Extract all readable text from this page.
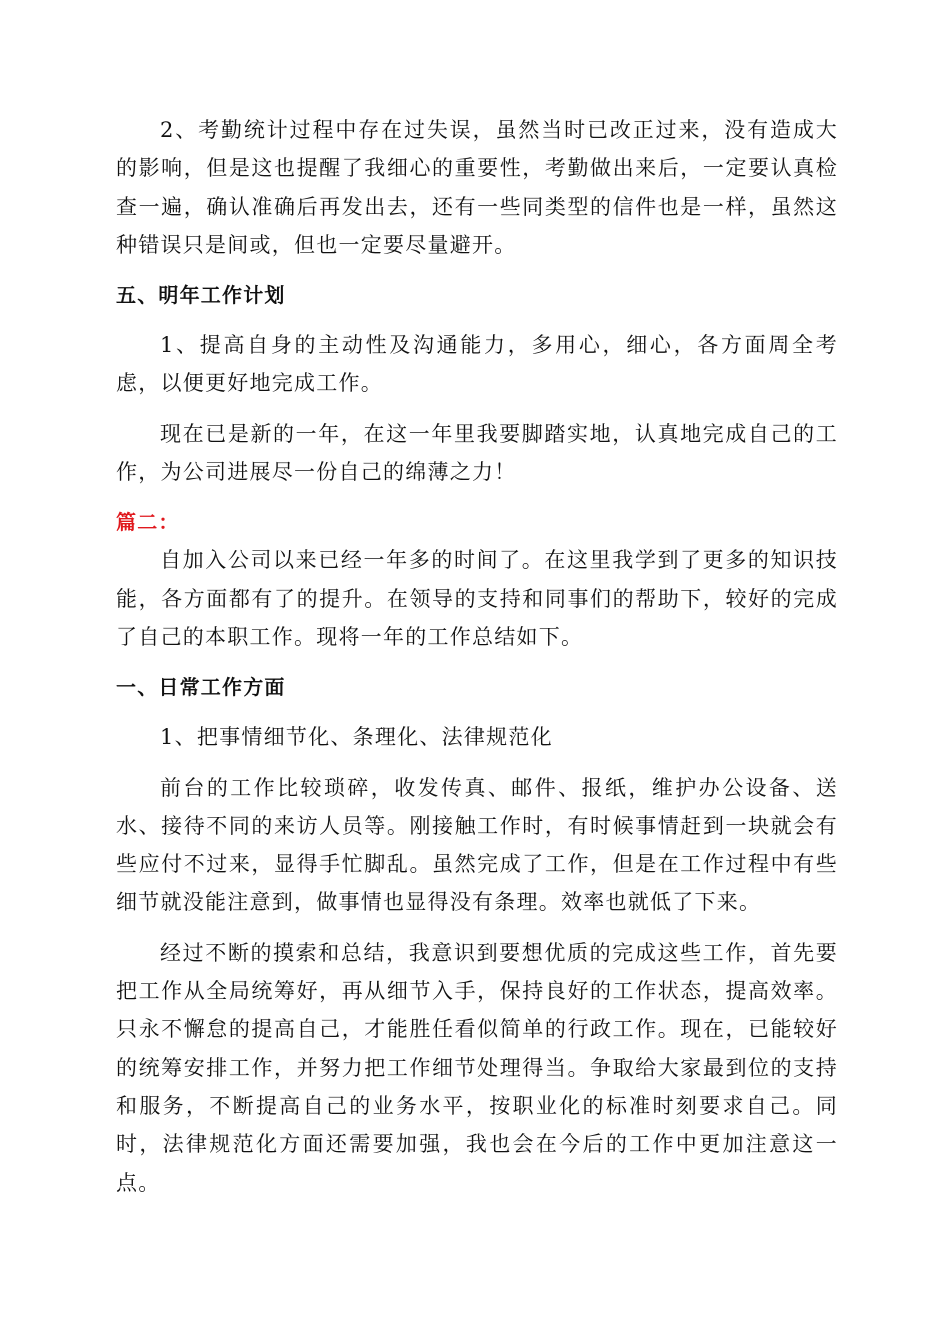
2、考勤统计过程中存在过失误，虽然当时已改正过来，没有造成大的影响，但是这也提醒了我细心的重要性，考勤做出来后，一定要认真检查一遍，确认准确后再发出去，还有一些同类型的信件也是一样，虽然这种错误只是间或，但也一定要尽量避开。

五、明年工作计划

1、提高自身的主动性及沟通能力，多用心，细心，各方面周全考虑，以便更好地完成工作。

现在已是新的一年，在这一年里我要脚踏实地，认真地完成自己的工作，为公司进展尽一份自己的绵薄之力！

篇二：

自加入公司以来已经一年多的时间了。在这里我学到了更多的知识技能，各方面都有了的提升。在领导的支持和同事们的帮助下，较好的完成了自己的本职工作。现将一年的工作总结如下。

一、日常工作方面

1、把事情细节化、条理化、法律规范化

前台的工作比较琐碎，收发传真、邮件、报纸，维护办公设备、送水、接待不同的来访人员等。刚接触工作时，有时候事情赶到一块就会有些应付不过来，显得手忙脚乱。虽然完成了工作，但是在工作过程中有些细节就没能注意到，做事情也显得没有条理。效率也就低了下来。

经过不断的摸索和总结，我意识到要想优质的完成这些工作，首先要把工作从全局统筹好，再从细节入手，保持良好的工作状态，提高效率。只永不懈怠的提高自己，才能胜任看似简单的行政工作。现在，已能较好的统筹安排工作，并努力把工作细节处理得当。争取给大家最到位的支持和服务，不断提高自己的业务水平，按职业化的标准时刻要求自己。同时，法律规范化方面还需要加强，我也会在今后的工作中更加注意这一点。
